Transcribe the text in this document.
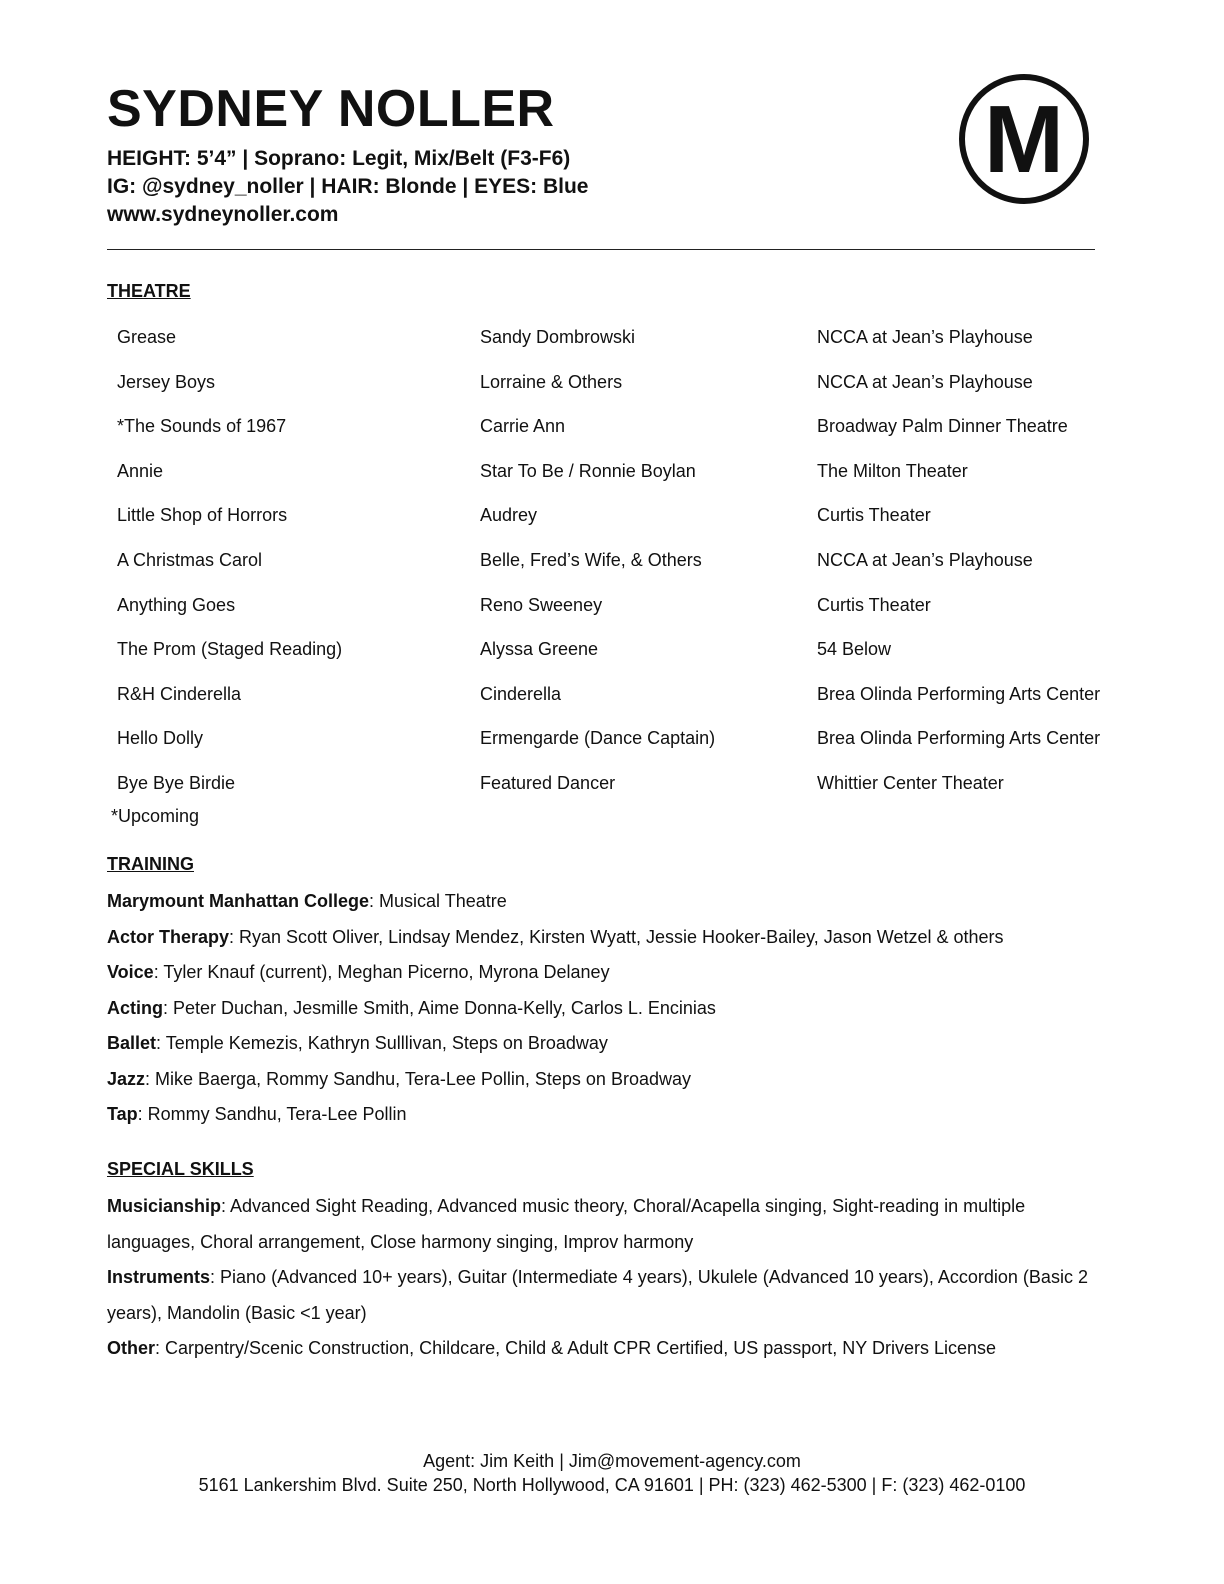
SYDNEY NOLLER
HEIGHT: 5’4” | Soprano: Legit, Mix/Belt (F3-F6)
IG: @sydney_noller | HAIR: Blonde | EYES: Blue
www.sydneynoller.com
M
THEATRE
Grease	Sandy Dombrowski	NCCA at Jean’s Playhouse
Jersey Boys	Lorraine & Others	NCCA at Jean’s Playhouse
*The Sounds of 1967	Carrie Ann	Broadway Palm Dinner Theatre
Annie	Star To Be / Ronnie Boylan	The Milton Theater
Little Shop of Horrors	Audrey	Curtis Theater
A Christmas Carol	Belle, Fred’s Wife, & Others	NCCA at Jean’s Playhouse
Anything Goes	Reno Sweeney	Curtis Theater
The Prom (Staged Reading)	Alyssa Greene	54 Below
R&H Cinderella	Cinderella	Brea Olinda Performing Arts Center
Hello Dolly	Ermengarde (Dance Captain)	Brea Olinda Performing Arts Center
Bye Bye Birdie	Featured Dancer	Whittier Center Theater
*Upcoming
TRAINING
Marymount Manhattan College: Musical Theatre
Actor Therapy: Ryan Scott Oliver, Lindsay Mendez, Kirsten Wyatt, Jessie Hooker-Bailey, Jason Wetzel & others
Voice: Tyler Knauf (current), Meghan Picerno, Myrona Delaney
Acting: Peter Duchan, Jesmille Smith, Aime Donna-Kelly, Carlos L. Encinias
Ballet: Temple Kemezis, Kathryn Sulllivan, Steps on Broadway
Jazz: Mike Baerga, Rommy Sandhu, Tera-Lee Pollin, Steps on Broadway
Tap: Rommy Sandhu, Tera-Lee Pollin
SPECIAL SKILLS
Musicianship: Advanced Sight Reading, Advanced music theory, Choral/Acapella singing, Sight-reading in multiple languages, Choral arrangement, Close harmony singing, Improv harmony
Instruments: Piano (Advanced 10+ years), Guitar (Intermediate 4 years), Ukulele (Advanced 10 years), Accordion (Basic 2 years), Mandolin (Basic <1 year)
Other: Carpentry/Scenic Construction, Childcare, Child & Adult CPR Certified, US passport, NY Drivers License
Agent: Jim Keith | Jim@movement-agency.com
5161 Lankershim Blvd. Suite 250, North Hollywood, CA 91601 | PH: (323) 462-5300 | F: (323) 462-0100
